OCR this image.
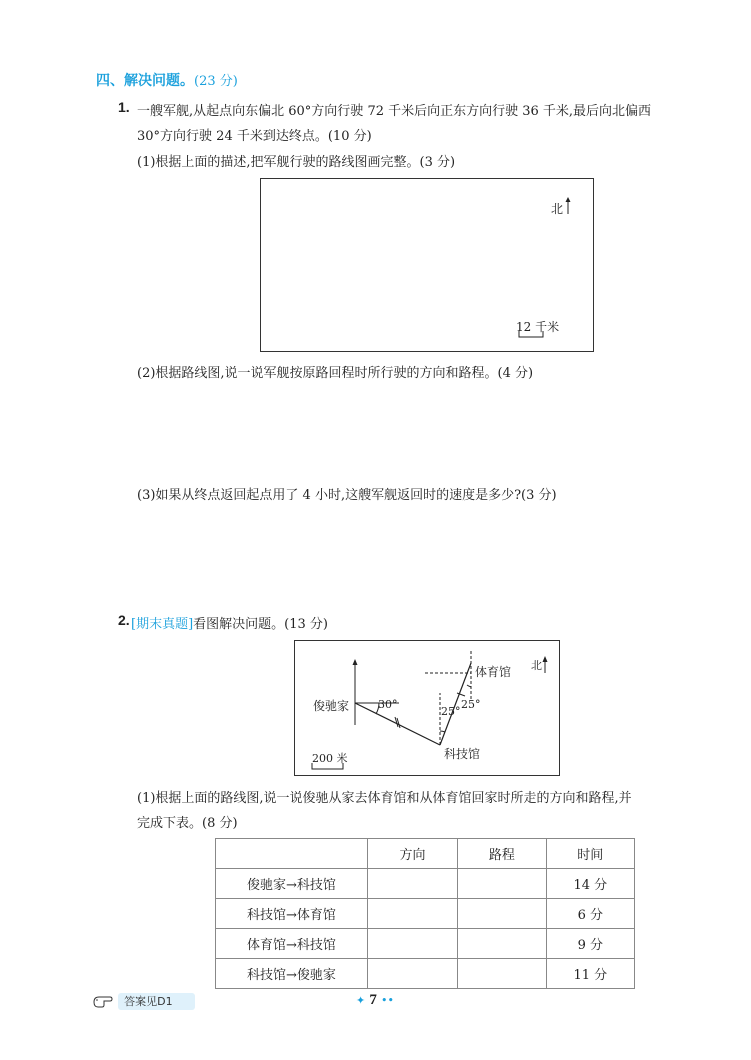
四、解决问题。(23 分)
1. 一艘军舰,从起点向东偏北 60°方向行驶 72 千米后向正东方向行驶 36 千米,最后向北偏西
30°方向行驶 24 千米到达终点。(10 分)
(1)根据上面的描述,把军舰行驶的路线图画完整。(3 分)
北
12 千米
(2)根据路线图,说一说军舰按原路回程时所行驶的方向和路程。(4 分)
(3)如果从终点返回起点用了 4 小时,这艘军舰返回时的速度是多少?(3 分)
2. [期末真题]看图解决问题。(13 分)
俊驰家
科技馆
体育馆 北
30°
25°
25°
200 米
(1)根据上面的路线图,说一说俊驰从家去体育馆和从体育馆回家时所走的方向和路程,并
完成下表。(8 分)
	方向	路程	时间
俊驰家→科技馆			14 分
科技馆→体育馆			6 分
体育馆→科技馆			9 分
科技馆→俊驰家			11 分
答案见D1	✦ 7 ••
